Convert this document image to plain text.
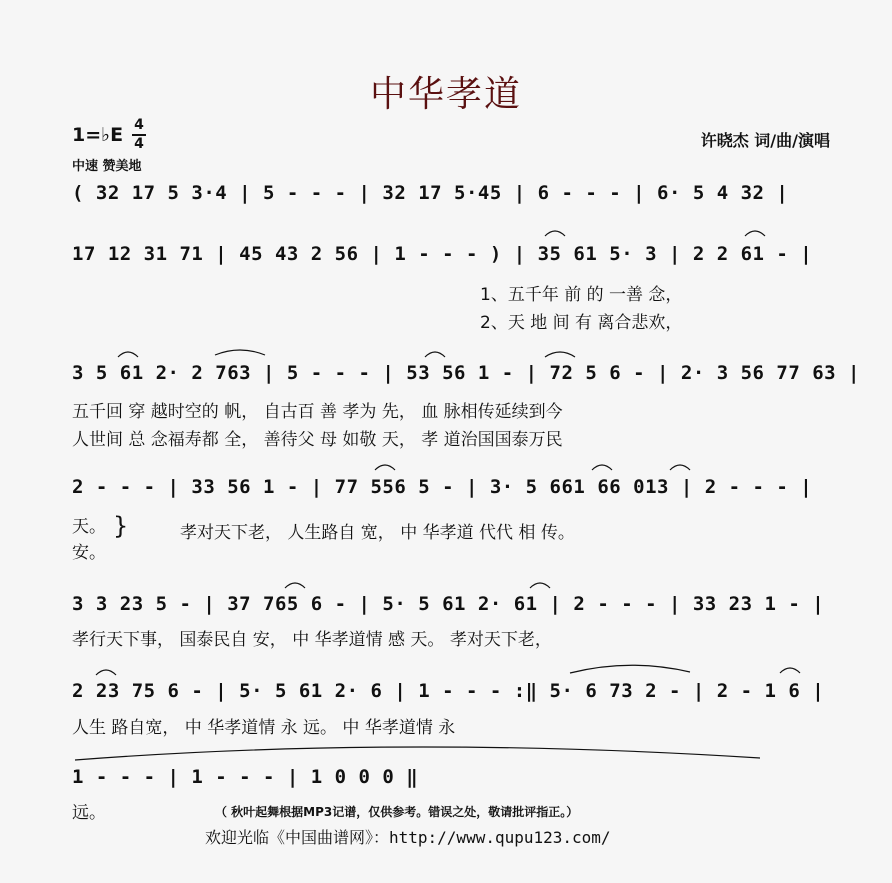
中华孝道
1=♭E 4
4
中速 赞美地
许晓杰 词/曲/演唱
( 32 17 5 3·4 | 5 - - - | 32 17 5·45 | 6 - - - | 6· 5 4 32 |
17 12 31 71 | 45 43 2 56 | 1 - - - ) | 35 61 5· 3 | 2 2 61 - |
1、五千年 前 的 一善 念，
2、天 地 间 有 离合悲欢，
3 5 61 2· 2 763 | 5 - - - | 53 56 1 - | 72 5 6 - | 2· 3 56 77 63 |
五千回 穿 越时空的 帆， 自古百 善 孝为 先， 血 脉相传延续到今
人世间 总 念福寿都 全， 善待父 母 如敬 天， 孝 道治国国泰万民
2 - - - | 33 56 1 - | 77 556 5 - | 3· 5 661 66 013 | 2 - - - |
天。
安。
}	孝对天下老， 人生路自 宽， 中 华孝道 代代 相 传。
3 3 23 5 - | 37 765 6 - | 5· 5 61 2· 61 | 2 - - - | 33 23 1 - |
孝行天下事， 国泰民自 安， 中 华孝道情 感 天。 孝对天下老，
2 23 75 6 - | 5· 5 61 2· 6 | 1 - - - :‖ 5· 6 73 2 - | 2 - 1 6 |
人生 路自宽， 中 华孝道情 永 远。 中 华孝道情 永
1 - - - | 1 - - - | 1 0 0 0 ‖
远。	（ 秋叶起舞根据MP3记谱，仅供参考。错误之处，敬请批评指正。）
欢迎光临《中国曲谱网》：http://www.qupu123.com/
